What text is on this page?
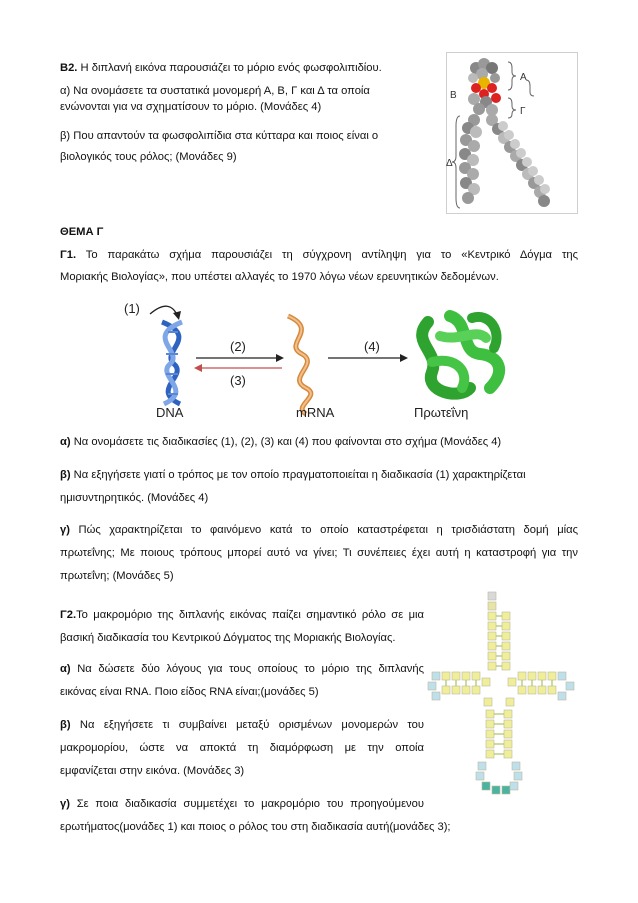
Β2. Η διπλανή εικόνα παρουσιάζει το μόριο ενός φωσφολιπιδίου.

α) Να ονομάσετε τα συστατικά μονομερή Α, Β, Γ και Δ τα οποία

ενώνονται για να σχηματίσουν το μόριο. (Μονάδες 4)

β) Που απαντούν τα φωσφολιπίδια στα κύτταρα και ποιος είναι ο

βιολογικός τους ρόλος; (Μονάδες 9)

Α
Β
Γ
Δ

ΘΕΜΑ Γ

Γ1. Το παρακάτω σχήμα παρουσιάζει τη σύγχρονη αντίληψη για το «Κεντρικό Δόγμα της

Μοριακής Βιολογίας», που υπέστει αλλαγές το 1970 λόγω νέων ερευνητικών δεδομένων.

(1)
DNA
(2)
(3)
mRNA
(4)
Πρωτεΐνη

α) Να ονομάσετε τις διαδικασίες (1), (2), (3) και (4) που φαίνονται στο σχήμα (Μονάδες 4)

β) Να εξηγήσετε γιατί ο τρόπος με τον οποίο πραγματοποιείται η διαδικασία (1) χαρακτηρίζεται

ημισυντηρητικός. (Μονάδες 4)

γ) Πώς χαρακτηρίζεται το φαινόμενο κατά το οποίο καταστρέφεται η τρισδιάστατη δομή μίας

πρωτεΐνης; Με ποιους τρόπους μπορεί αυτό να γίνει; Τι συνέπειες έχει αυτή η καταστροφή για την

πρωτεΐνη; (Μονάδες 5)

Γ2.Το μακρομόριο της διπλανής εικόνας παίζει σημαντικό ρόλο σε μια

βασική διαδικασία του Κεντρικού Δόγματος της Μοριακής Βιολογίας.

α) Να δώσετε δύο λόγους για τους οποίους το μόριο της διπλανής

εικόνας είναι RNA. Ποιο είδος RNA είναι;(μονάδες 5)

β) Να εξηγήσετε τι συμβαίνει μεταξύ ορισμένων μονομερών του

μακρομορίου, ώστε να αποκτά τη διαμόρφωση με την οποία

εμφανίζεται στην εικόνα. (Μονάδες 3)

γ) Σε ποια διαδικασία συμμετέχει το μακρομόριο του προηγούμενου

ερωτήματος(μονάδες 1) και ποιος ο ρόλος του στη διαδικασία αυτή(μονάδες 3);
